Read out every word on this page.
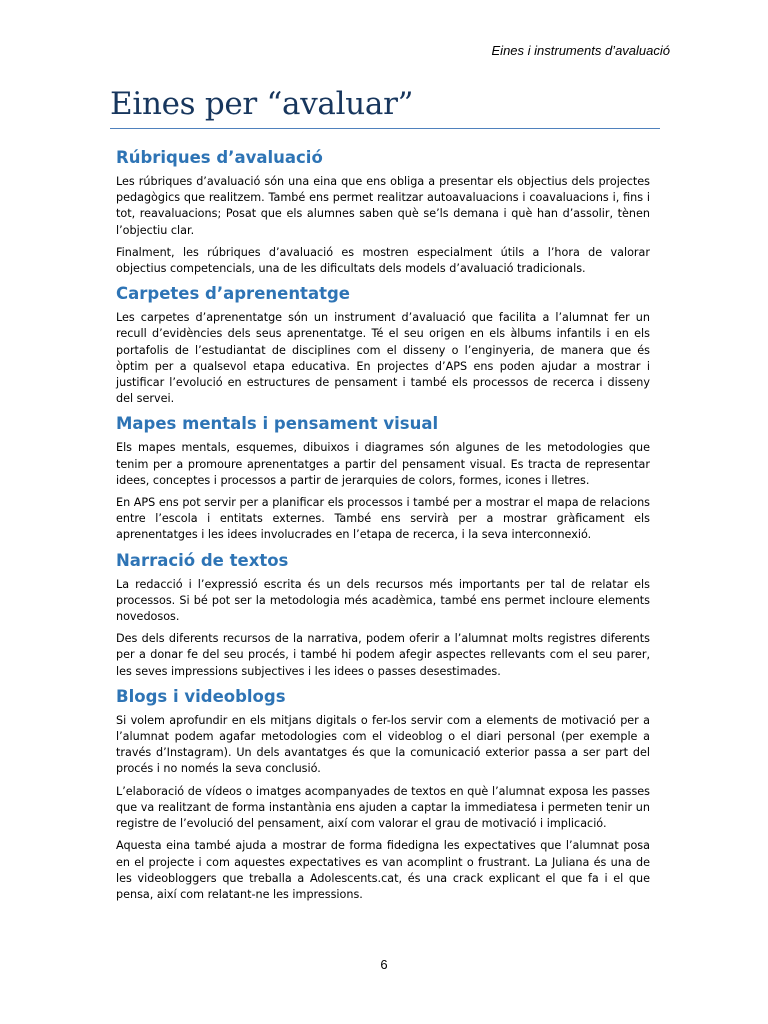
Eines i instruments d’avaluació
Eines per “avaluar”
Rúbriques d’avaluació

Les rúbriques d’avaluació són una eina que ens obliga a presentar els objectius dels projectes pedagògics que realitzem. També ens permet realitzar autoavaluacions i coavaluacions i, fins i tot, reavaluacions; Posat que els alumnes saben què se’ls demana i què han d’assolir, tènen l’objectiu clar.

Finalment, les rúbriques d’avaluació es mostren especialment útils a l’hora de valorar objectius competencials, una de les dificultats dels models d’avaluació tradicionals.

Carpetes d’aprenentatge

Les carpetes d’aprenentatge són un instrument d’avaluació que facilita a l’alumnat fer un recull d’evidències dels seus aprenentatge. Té el seu origen en els àlbums infantils i en els portafolis de l’estudiantat de disciplines com el disseny o l’enginyeria, de manera que és òptim per a qualsevol etapa educativa. En projectes d’APS ens poden ajudar a mostrar i justificar l’evolució en estructures de pensament i també els processos de recerca i disseny del servei.

Mapes mentals i pensament visual

Els mapes mentals, esquemes, dibuixos i diagrames són algunes de les metodologies que tenim per a promoure aprenentatges a partir del pensament visual. Es tracta de representar idees, conceptes i processos a partir de jerarquies de colors, formes, icones i lletres.

En APS ens pot servir per a planificar els processos i també per a mostrar el mapa de relacions entre l’escola i entitats externes. També ens servirà per a mostrar gràficament els aprenentatges i les idees involucrades en l’etapa de recerca, i la seva interconnexió.

Narració de textos

La redacció i l’expressió escrita és un dels recursos més importants per tal de relatar els processos. Si bé pot ser la metodologia més acadèmica, també ens permet incloure elements novedosos.

Des dels diferents recursos de la narrativa, podem oferir a l’alumnat molts registres diferents per a donar fe del seu procés, i també hi podem afegir aspectes rellevants com el seu parer, les seves impressions subjectives i les idees o passes desestimades.

Blogs i videoblogs

Si volem aprofundir en els mitjans digitals o fer-los servir com a elements de motivació per a l’alumnat podem agafar metodologies com el videoblog o el diari personal (per exemple a través d’Instagram). Un dels avantatges és que la comunicació exterior passa a ser part del procés i no només la seva conclusió.

L’elaboració de vídeos o imatges acompanyades de textos en què l’alumnat exposa les passes que va realitzant de forma instantània ens ajuden a captar la immediatesa i permeten tenir un registre de l’evolució del pensament, així com valorar el grau de motivació i implicació.

Aquesta eina també ajuda a mostrar de forma fidedigna les expectatives que l’alumnat posa en el projecte i com aquestes expectatives es van acomplint o frustrant. La Juliana és una de les videobloggers que treballa a Adolescents.cat, és una crack explicant el que fa i el que pensa, així com relatant-ne les impressions.

6
